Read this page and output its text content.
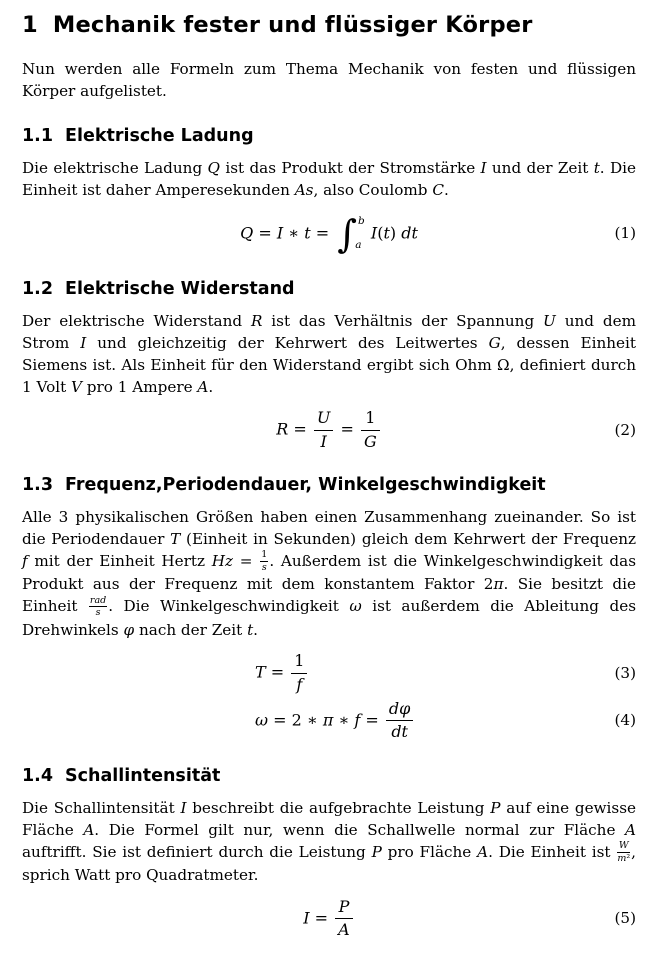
1 Mechanik fester und flüssiger Körper

Nun werden alle Formeln zum Thema Mechanik von festen und flüssigen Körper aufgelistet.

1.1 Elektrische Ladung

Die elektrische Ladung Q ist das Produkt der Stromstärke I und der Zeit t. Die Einheit ist daher Amperesekunden As, also Coulomb C.

Q = I ∗ t = ∫ b
a
I(t) dt	(1)
1.2 Elektrische Widerstand

Der elektrische Widerstand R ist das Verhältnis der Spannung U und dem Strom I und gleichzeitig der Kehrwert des Leitwertes G, dessen Einheit Siemens ist. Als Einheit für den Widerstand ergibt sich Ohm Ω, definiert durch 1 Volt V pro 1 Ampere A.

$R = \frac{U}{I} = \frac{1}{G}$	(2)
1.3 Frequenz,Periodendauer, Winkelgeschwindigkeit

Alle 3 physikalischen Größen haben einen Zusammenhang zueinander. So ist die Periodendauer T (Einheit in Sekunden) gleich dem Kehrwert der Frequenz f mit der Einheit Hertz $Hz = \frac{1}{s}$ . Außerdem ist die Winkelgeschwindigkeit das Produkt aus der Frequenz mit dem konstantem Faktor 2π. Sie besitzt die Einheit $\frac{\text{rad}}{s}$ . Die Winkelgeschwindigkeit ω ist außerdem die Ableitung des Drehwinkels φ nach der Zeit t.

$T = \frac{1}{f}$	(3)
ω = 2 ∗ π ∗ $f = \frac{d\varphi}{dt}$	(4)
1.4 Schallintensität

Die Schallintensität I beschreibt die aufgebrachte Leistung P auf eine gewisse Fläche A. Die Formel gilt nur, wenn die Schallwelle normal zur Fläche A auftrifft. Sie ist definiert durch die Leistung P pro Fläche A. Die Einheit ist $\frac{W}{\text{m²}}$ , sprich Watt pro Quadratmeter.

$I = \frac{P}{A}$	(5)
